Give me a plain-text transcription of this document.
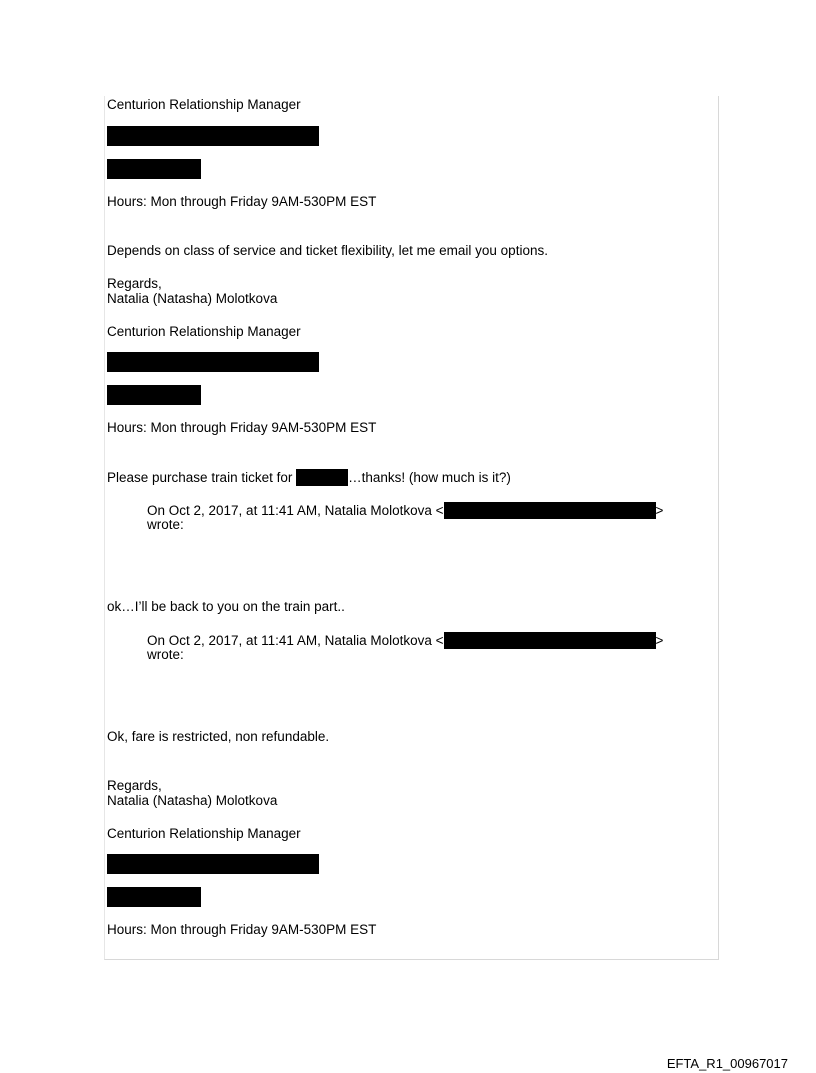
Centurion Relationship Manager

Hours: Mon through Friday 9AM-530PM EST

Depends on class of service and ticket flexibility, let me email you options.

Regards,

Natalia (Natasha) Molotkova

Centurion Relationship Manager

Hours: Mon through Friday 9AM-530PM EST

Please purchase train ticket for	…thanks! (how much is it?)

On Oct 2, 2017, at 11:41 AM, Natalia Molotkova <	>

wrote:

ok…I’ll be back to you on the train part..

On Oct 2, 2017, at 11:41 AM, Natalia Molotkova <	>

wrote:

Ok, fare is restricted, non refundable.

Regards,

Natalia (Natasha) Molotkova

Centurion Relationship Manager

Hours: Mon through Friday 9AM-530PM EST

EFTA_R1_00967017
